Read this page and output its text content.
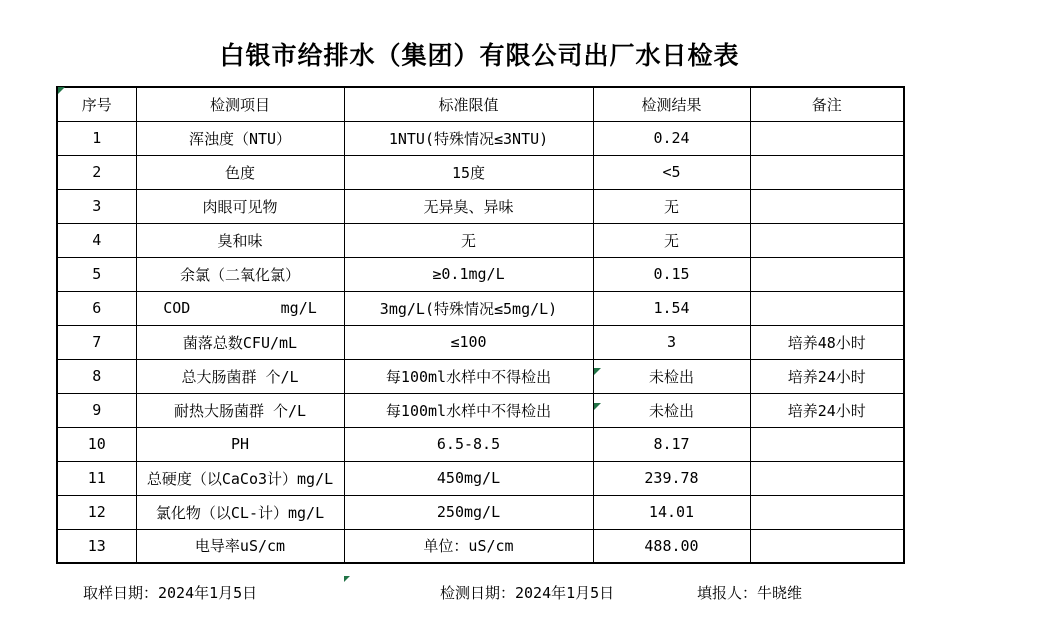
白银市给排水（集团）有限公司出厂水日检表
序号	检测项目	标准限值	检测结果	备注
1	浑浊度（NTU）	1NTU(特殊情况≤3NTU)	0.24	
2	色度	15度	<5	
3	肉眼可见物	无异臭、异味	无	
4	臭和味	无	无	
5	余氯（二氧化氯）	≥0.1mg/L	0.15	
6	COD          mg/L	3mg/L(特殊情况≤5mg/L)	1.54	
7	菌落总数CFU/mL	≤100	3	培养48小时
8	总大肠菌群 个/L	每100ml水样中不得检出	未检出	培养24小时
9	耐热大肠菌群 个/L	每100ml水样中不得检出	未检出	培养24小时
10	PH	6.5-8.5	8.17	
11	总硬度（以CaCo3计）mg/L	450mg/L	239.78	
12	氯化物（以CL-计）mg/L	250mg/L	14.01	
13	电导率uS/cm	单位：uS/cm	488.00	
取样日期：2024年1月5日	检测日期：2024年1月5日	填报人：牛晓维
